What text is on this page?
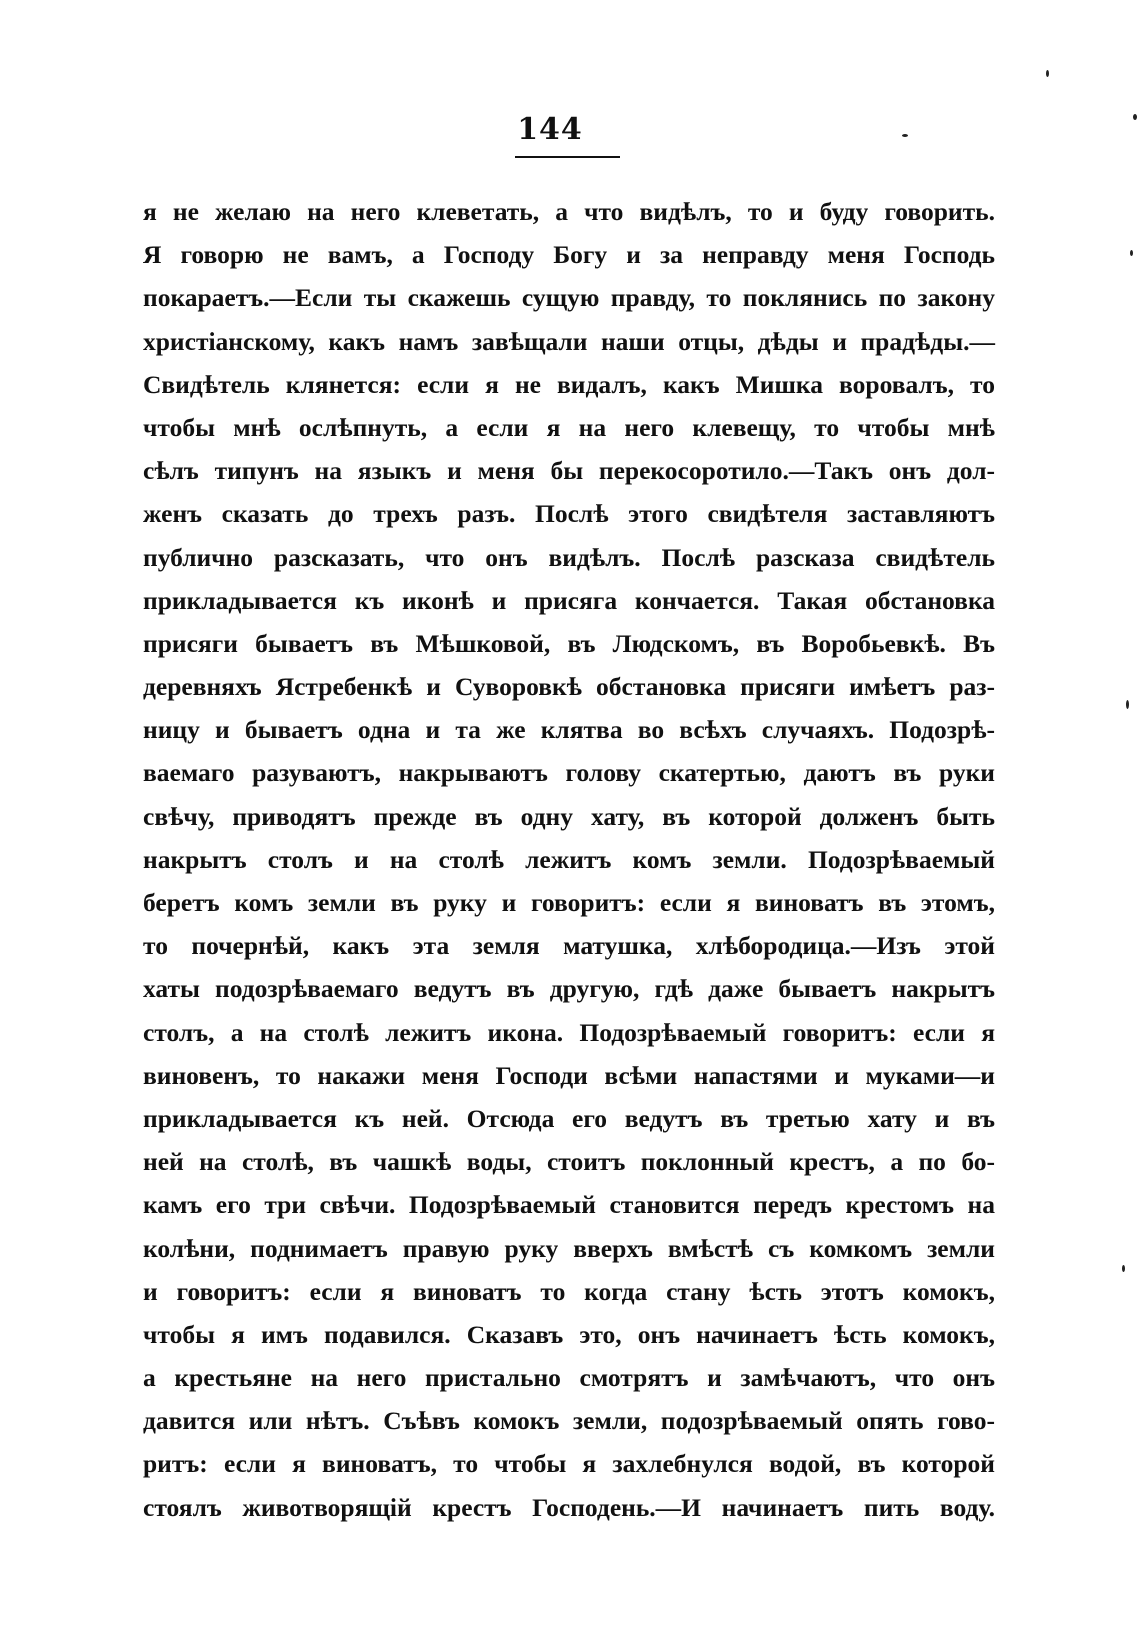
144
я не желаю на него клеветать, а что видѣлъ, то и буду говорить.
Я говорю не вамъ, а Господу Богу и за неправду меня Господь
покараетъ.—Если ты скажешь сущую правду, то поклянись по закону
христіанскому, какъ намъ завѣщали наши отцы, дѣды и прадѣды.—
Свидѣтель клянется: если я не видалъ, какъ Мишка воровалъ, то
чтобы мнѣ ослѣпнуть, а если я на него клевещу, то чтобы мнѣ
сѣлъ типунъ на языкъ и меня бы перекосоротило.—Такъ онъ дол-
женъ сказать до трехъ разъ. Послѣ этого свидѣтеля заставляютъ
публично разсказать, что онъ видѣлъ. Послѣ разсказа свидѣтель
прикладывается къ иконѣ и присяга кончается. Такая обстановка
присяги бываетъ въ Мѣшковой, въ Людскомъ, въ Воробьевкѣ. Въ
деревняхъ Ястребенкѣ и Суворовкѣ обстановка присяги имѣетъ раз-
ницу и бываетъ одна и та же клятва во всѣхъ случаяхъ. Подозрѣ-
ваемаго разуваютъ, накрываютъ голову скатертью, даютъ въ руки
свѣчу, приводятъ прежде въ одну хату, въ которой долженъ быть
накрытъ столъ и на столѣ лежитъ комъ земли. Подозрѣваемый
беретъ комъ земли въ руку и говоритъ: если я виноватъ въ этомъ,
то почернѣй, какъ эта земля матушка, хлѣбородица.—Изъ этой
хаты подозрѣваемаго ведутъ въ другую, гдѣ даже бываетъ накрытъ
столъ, а на столѣ лежитъ икона. Подозрѣваемый говоритъ: если я
виновенъ, то накажи меня Господи всѣми напастями и муками—и
прикладывается къ ней. Отсюда его ведутъ въ третью хату и въ
ней на столѣ, въ чашкѣ воды, стоитъ поклонный крестъ, а по бо-
камъ его три свѣчи. Подозрѣваемый становится передъ крестомъ на
колѣни, поднимаетъ правую руку вверхъ вмѣстѣ съ комкомъ земли
и говоритъ: если я виноватъ то когда стану ѣсть этотъ комокъ,
чтобы я имъ подавился. Сказавъ это, онъ начинаетъ ѣсть комокъ,
а крестьяне на него пристально смотрятъ и замѣчаютъ, что онъ
давится или нѣтъ. Съѣвъ комокъ земли, подозрѣваемый опять гово-
ритъ: если я виноватъ, то чтобы я захлебнулся водой, въ которой
стоялъ животворящій крестъ Господень.—И начинаетъ пить воду.
